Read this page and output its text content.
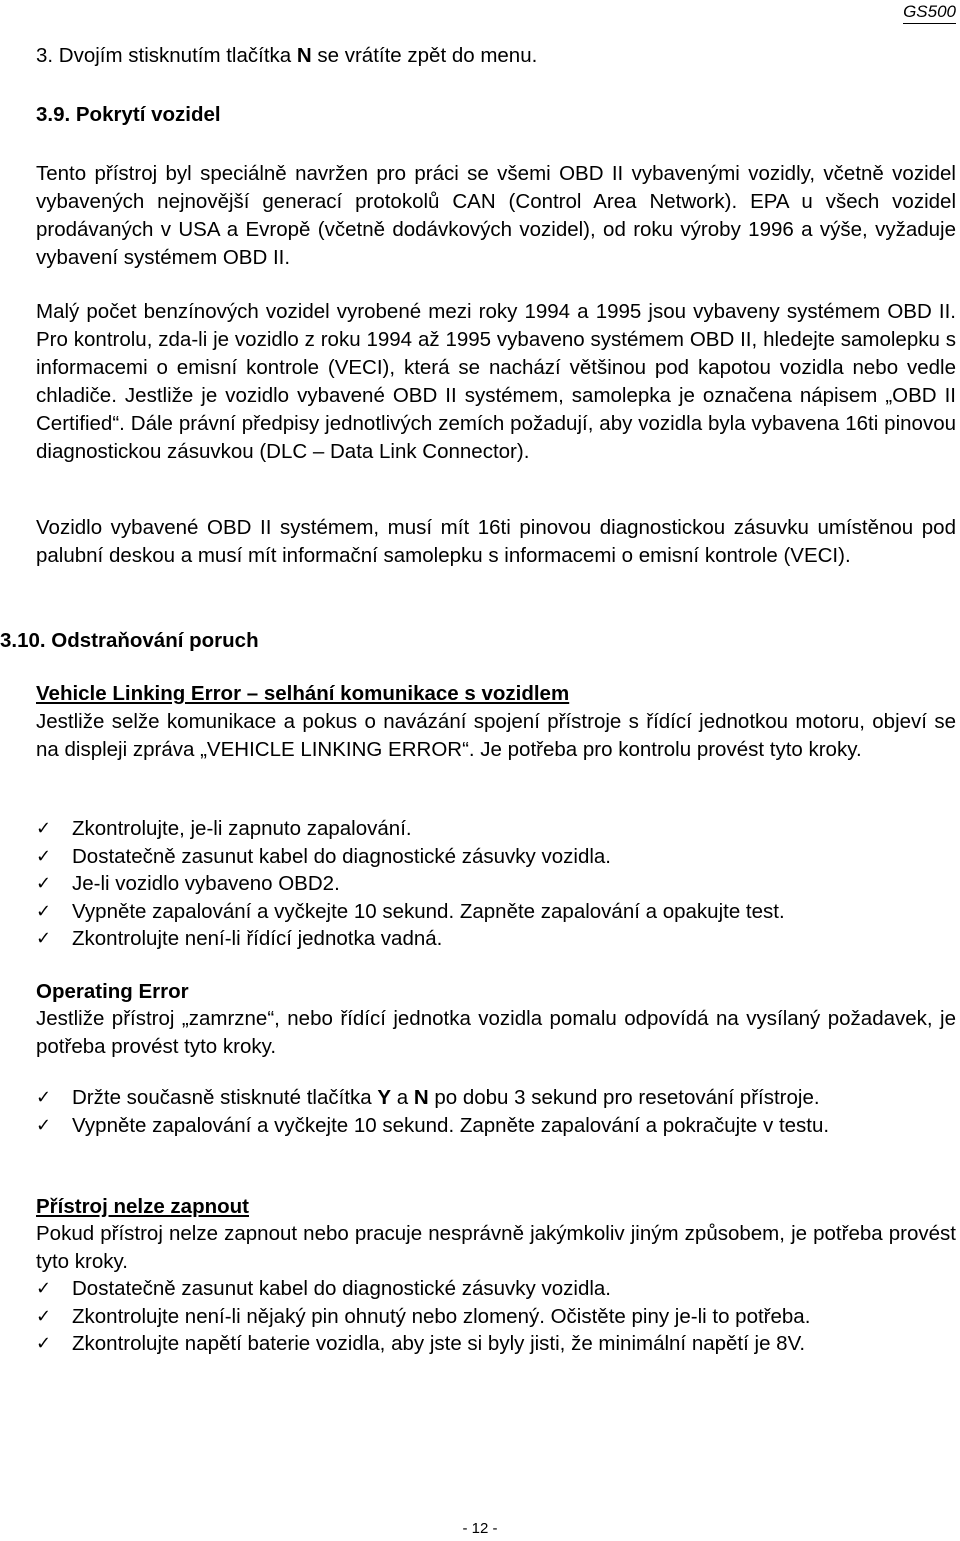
GS500
3. Dvojím stisknutím tlačítka N se vrátíte zpět do menu.
3.9. Pokrytí vozidel
Tento přístroj byl speciálně navržen pro práci se všemi OBD II vybavenými vozidly, včetně vozidel vybavených nejnovější generací protokolů CAN (Control Area Network). EPA u všech vozidel prodávaných v USA a Evropě (včetně dodávkových vozidel), od roku výroby 1996 a výše, vyžaduje vybavení systémem OBD II.
Malý počet benzínových vozidel vyrobené mezi roky 1994 a 1995 jsou vybaveny systémem OBD II. Pro kontrolu, zda-li je vozidlo z roku 1994 až 1995 vybaveno systémem OBD II, hledejte samolepku s informacemi o emisní kontrole (VECI), která se nachází většinou pod kapotou vozidla nebo vedle chladiče. Jestliže je vozidlo vybavené OBD II systémem, samolepka je označena nápisem „OBD II Certified“. Dále právní předpisy jednotlivých zemích požadují, aby vozidla byla vybavena 16ti pinovou diagnostickou zásuvkou (DLC – Data Link Connector).
Vozidlo vybavené OBD II systémem, musí mít 16ti pinovou diagnostickou zásuvku umístěnou pod palubní deskou a musí mít informační samolepku s informacemi o emisní kontrole (VECI).
3.10. Odstraňování poruch
Vehicle Linking Error – selhání komunikace s vozidlem
Jestliže selže komunikace a pokus o navázání spojení přístroje s řídící jednotkou motoru, objeví se na displeji zpráva „VEHICLE LINKING ERROR“. Je potřeba pro kontrolu provést tyto kroky.
✓	Zkontrolujte, je-li zapnuto zapalování.
✓	Dostatečně zasunut kabel do diagnostické zásuvky vozidla.
✓	Je-li vozidlo vybaveno OBD2.
✓	Vypněte zapalování a vyčkejte 10 sekund. Zapněte zapalování a opakujte test.
✓	Zkontrolujte není-li řídící jednotka vadná.
Operating Error
Jestliže přístroj „zamrzne“, nebo řídící jednotka vozidla pomalu odpovídá na vysílaný požadavek, je potřeba provést tyto kroky.
✓	Držte současně stisknuté tlačítka Y a N po dobu 3 sekund pro resetování přístroje.
✓	Vypněte zapalování a vyčkejte 10 sekund. Zapněte zapalování a pokračujte v testu.
Přístroj nelze zapnout
Pokud přístroj nelze zapnout nebo pracuje nesprávně jakýmkoliv jiným způsobem, je potřeba provést tyto kroky.
✓	Dostatečně zasunut kabel do diagnostické zásuvky vozidla.
✓	Zkontrolujte není-li nějaký pin ohnutý nebo zlomený. Očistěte piny je-li to potřeba.
✓	Zkontrolujte napětí baterie vozidla, aby jste si byly jisti, že minimální napětí je 8V.
- 12 -
